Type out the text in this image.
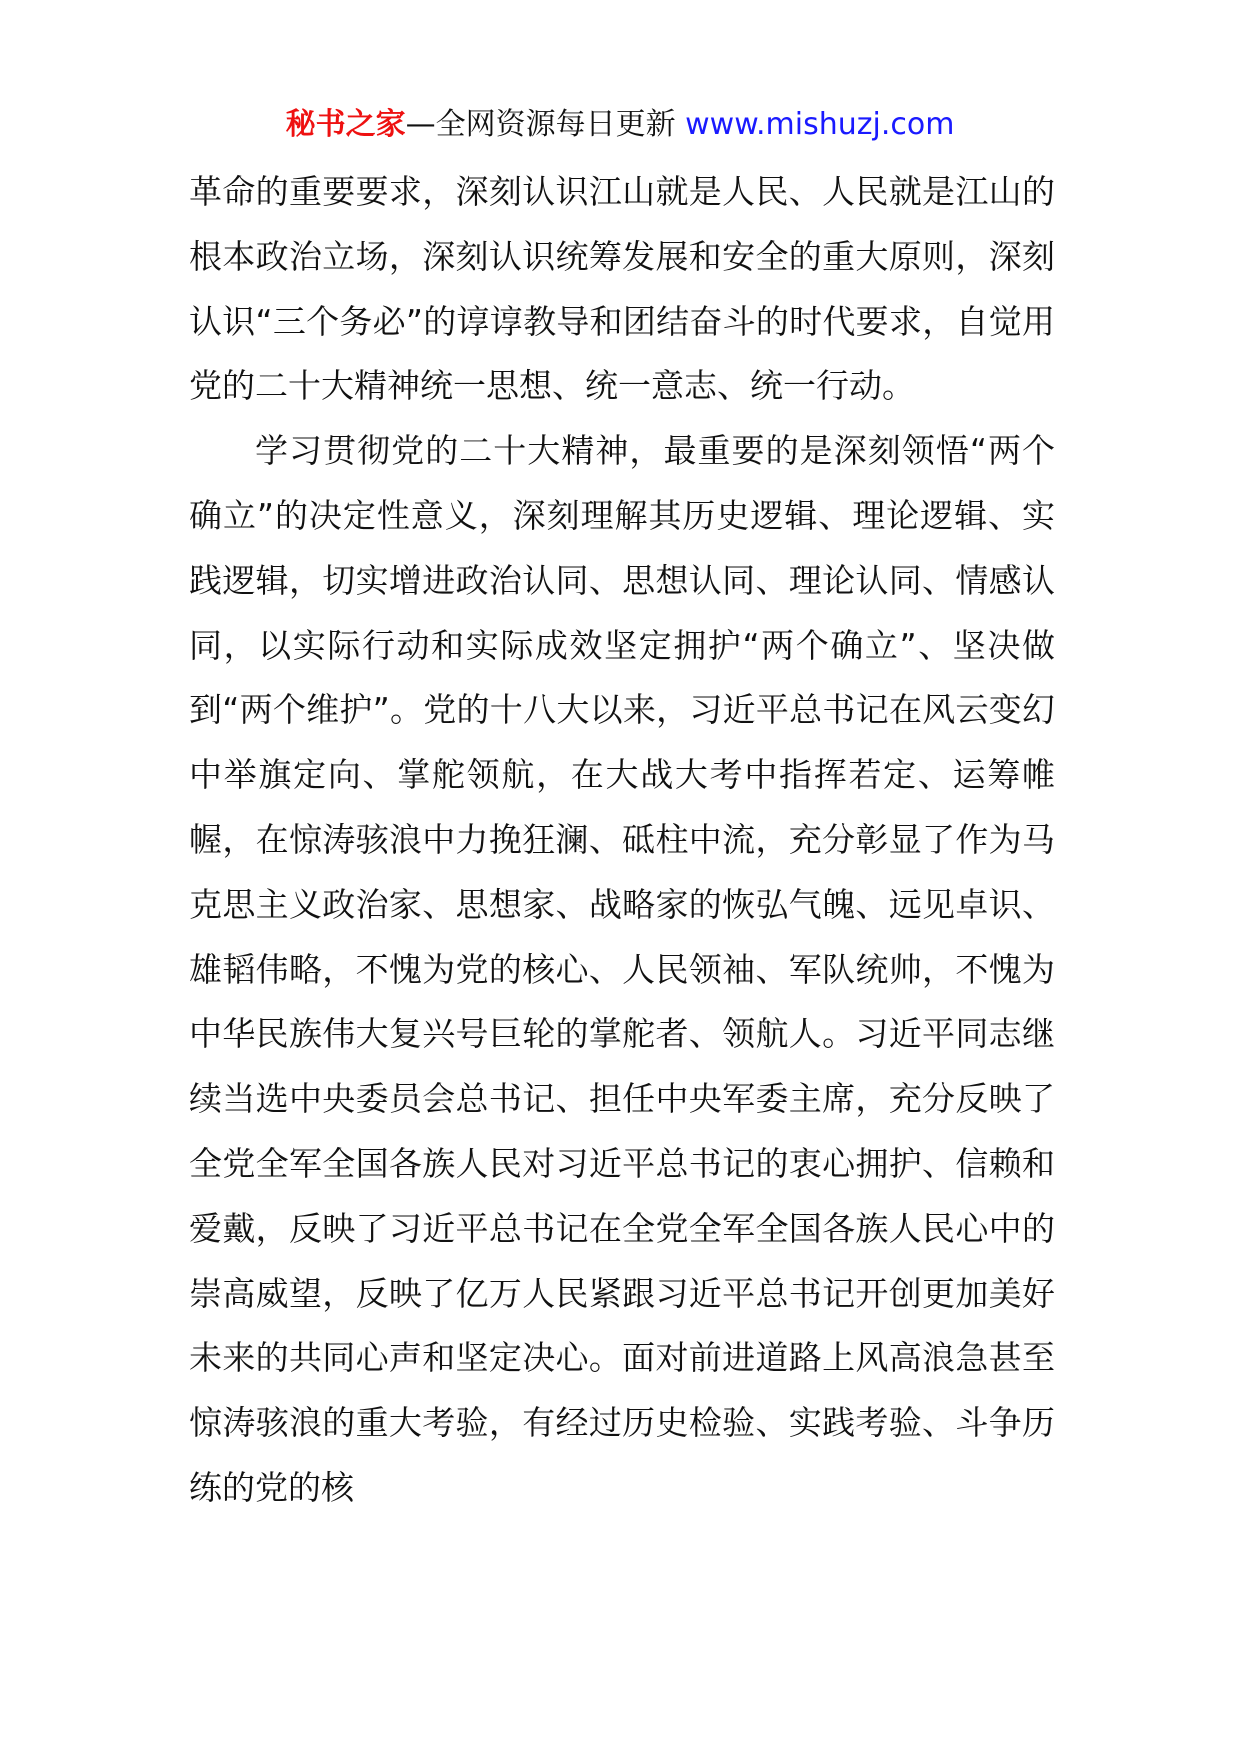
秘书之家—全网资源每日更新 www.mishuzj.com

革命的重要要求，深刻认识江山就是人民、人民就是江山的根本政治立场，深刻认识统筹发展和安全的重大原则，深刻认识“三个务必”的谆谆教导和团结奋斗的时代要求，自觉用党的二十大精神统一思想、统一意志、统一行动。

学习贯彻党的二十大精神，最重要的是深刻领悟“两个确立”的决定性意义，深刻理解其历史逻辑、理论逻辑、实践逻辑，切实增进政治认同、思想认同、理论认同、情感认同，以实际行动和实际成效坚定拥护“两个确立”、坚决做到“两个维护”。党的十八大以来，习近平总书记在风云变幻中举旗定向、掌舵领航，在大战大考中指挥若定、运筹帷幄，在惊涛骇浪中力挽狂澜、砥柱中流，充分彰显了作为马克思主义政治家、思想家、战略家的恢弘气魄、远见卓识、雄韬伟略，不愧为党的核心、人民领袖、军队统帅，不愧为中华民族伟大复兴号巨轮的掌舵者、领航人。习近平同志继续当选中央委员会总书记、担任中央军委主席，充分反映了全党全军全国各族人民对习近平总书记的衷心拥护、信赖和爱戴，反映了习近平总书记在全党全军全国各族人民心中的崇高威望，反映了亿万人民紧跟习近平总书记开创更加美好未来的共同心声和坚定决心。面对前进道路上风高浪急甚至惊涛骇浪的重大考验，有经过历史检验、实践考验、斗争历练的党的核
